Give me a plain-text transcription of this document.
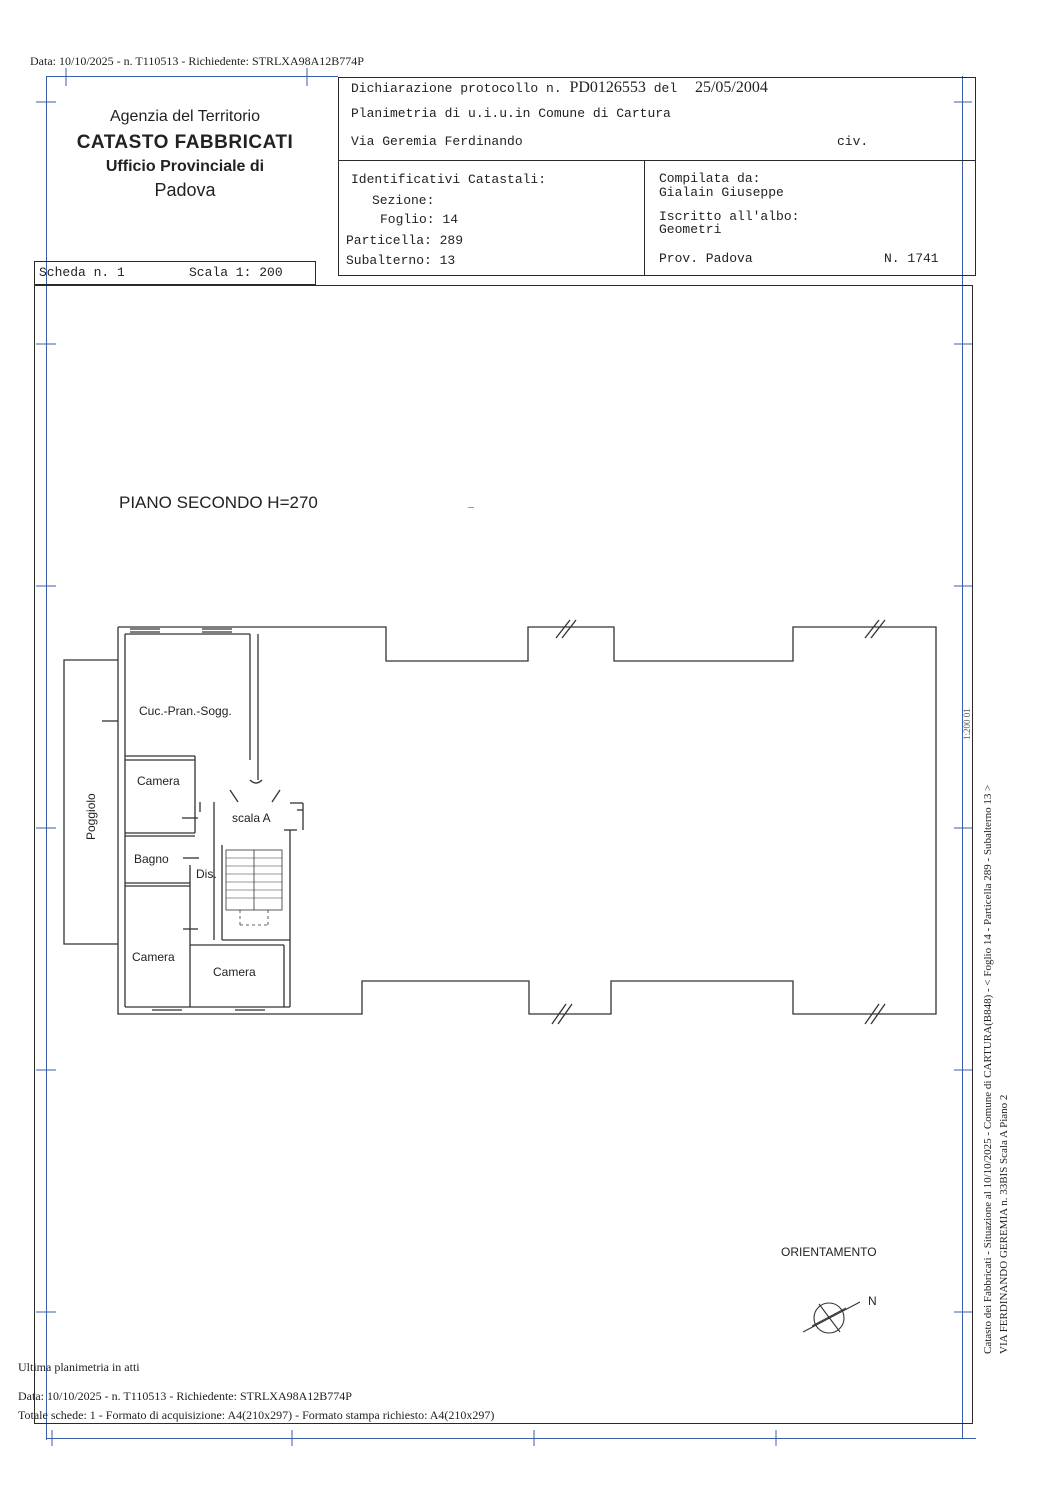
Data: 10/10/2025 - n. T110513 - Richiedente: STRLXA98A12B774P
Agenzia del Territorio
CATASTO FABBRICATI
Ufficio Provinciale di
Padova
Scheda n. 1	Scala 1: 200
Dichiarazione protocollo n. PD0126553 del 25/05/2004
Planimetria di u.i.u.in Comune di Cartura
Via Geremia Ferdinando	civ.
Identificativi Catastali:
Sezione:
Foglio: 14
Particella: 289
Subalterno: 13
Compilata da:
Gialain Giuseppe
Iscritto all'albo:
Geometri
Prov. Padova	N. 1741
PIANO SECONDO H=270
Cuc.-Pran.-Sogg.
Camera
Bagno
Dis.
Camera
Camera
scala A
Poggiolo
N
ORIENTAMENTO	Catasto dei Fabbricati - Situazione al 10/10/2025 - Comune di CARTURA(B848) - < Foglio 14 - Particella 289 - Subalterno 13 > VIA FERDINANDO GEREMIA n. 33BIS Scala A Piano 2
1:200 01
Ultima planimetria in atti
Data: 10/10/2025 - n. T110513 - Richiedente: STRLXA98A12B774P
Totale schede: 1 - Formato di acquisizione: A4(210x297) - Formato stampa richiesto: A4(210x297)
